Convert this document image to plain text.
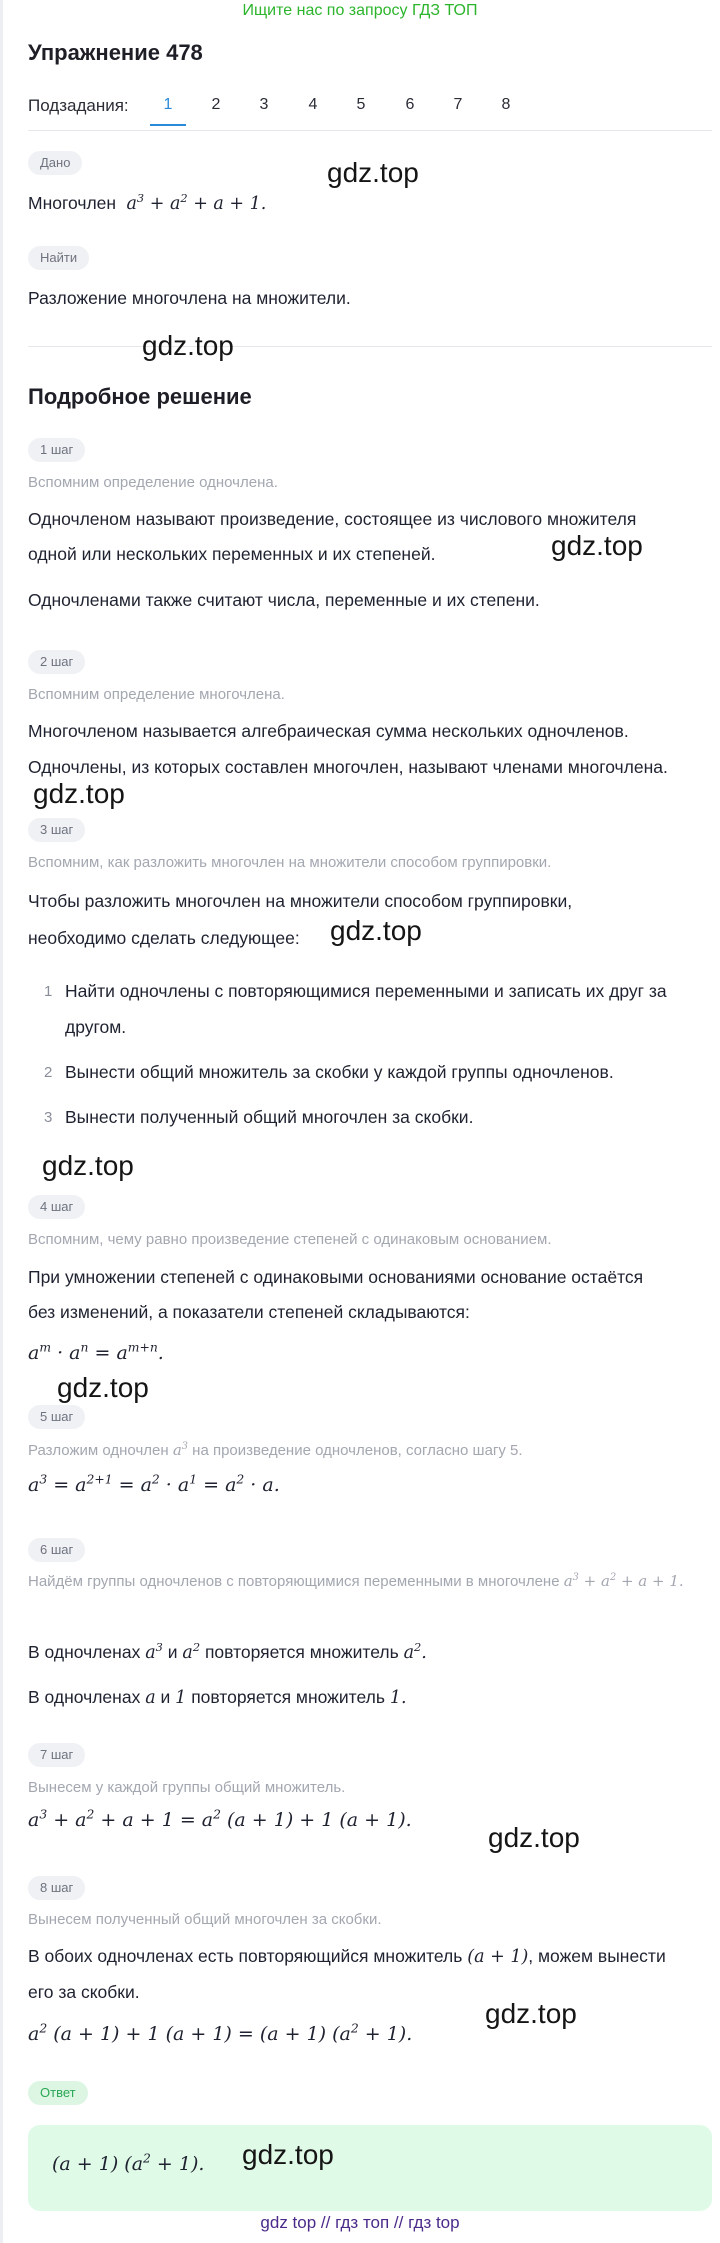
Ищите нас по запросу ГДЗ ТОП
Упражнение 478
Подзадания:	1	2	3	4	5	6	7	8
Дано
Многочлен  $a^3 + a^2 + a + 1$.
gdz.top
Найти
Разложение многочлена на множители.
gdz.top
Подробное решение
1 шаг
Вспомним определение одночлена.
Одночленом называют произведение, состоящее из числового множителя
одной или нескольких переменных и их степеней.	gdz.top
Одночленами также считают числа, переменные и их степени.
2 шаг
Вспомним определение многочлена.
Многочленом называется алгебраическая сумма нескольких одночленов.
Одночлены, из которых составлен многочлен, называют членами многочлена.
gdz.top
3 шаг
Вспомним, как разложить многочлен на множители способом группировки.
Чтобы разложить многочлен на множители способом группировки,
необходимо сделать следующее:	gdz.top
1 Найти одночлены с повторяющимися переменными и записать их друг за
другом.
2 Вынести общий множитель за скобки у каждой группы одночленов.
3 Вынести полученный общий многочлен за скобки.
gdz.top
4 шаг
Вспомним, чему равно произведение степеней с одинаковым основанием.
При умножении степеней с одинаковыми основаниями основание остаётся
без изменений, а показатели степеней складываются:
$a^m \cdot a^n = a^{m+n}$.
gdz.top
5 шаг
Разложим одночлен $a^3$ на произведение одночленов, согласно шагу 5.
$a^3 = a^{2+1} = a^2 \cdot a^1 = a^2 \cdot a$.
6 шаг
Найдём группы одночленов с повторяющимися переменными в многочлене $a^3 + a^2 + a + 1$.
В одночленах $a^3$ и $a^2$ повторяется множитель $a^2$.
В одночленах a и 1 повторяется множитель 1.
7 шаг
Вынесем у каждой группы общий множитель.
$a^3 + a^2 + a + 1 = a^2$ (a + 1) + 1 (a + 1).
gdz.top
8 шаг
Вынесем полученный общий многочлен за скобки.
В обоих одночленах есть повторяющийся множитель (a + 1), можем вынести
его за скобки.
$a^2$ (a + 1) + 1 (a + 1) = (a + 1) $(a^2 + 1)$.
gdz.top
Ответ
(a + 1) $(a^2 + 1)$. gdz.top
gdz top // гдз топ // гдз top
